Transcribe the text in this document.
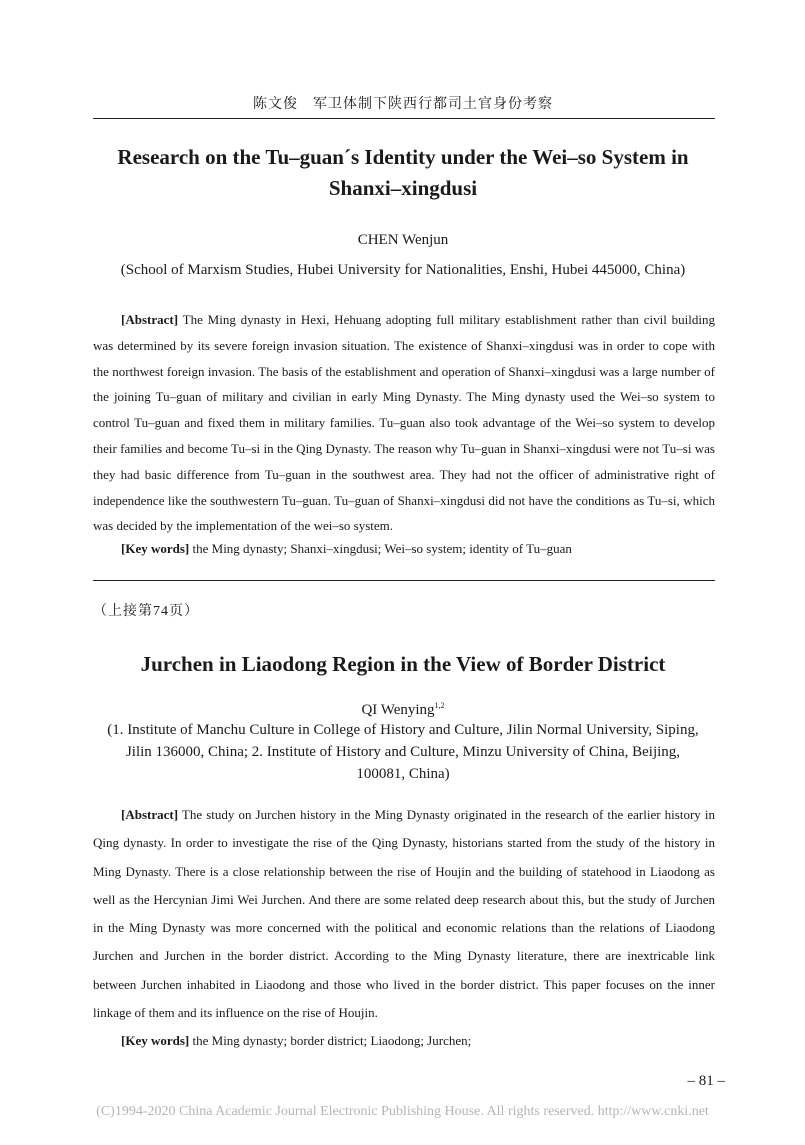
陈文俊　军卫体制下陕西行都司土官身份考察
Research on the Tu–guan´s Identity under the Wei–so System in
Shanxi–xingdusi
CHEN Wenjun
(School of Marxism Studies, Hubei University for Nationalities, Enshi, Hubei 445000, China)

[Abstract] The Ming dynasty in Hexi, Hehuang adopting full military establishment rather than civil building was determined by its severe foreign invasion situation. The existence of Shanxi–xingdusi was in order to cope with the northwest foreign invasion. The basis of the establishment and operation of Shanxi–xingdusi was a large number of the joining Tu–guan of military and civilian in early Ming Dynasty. The Ming dynasty used the Wei–so system to control Tu–guan and fixed them in military families. Tu–guan also took advantage of the Wei–so system to develop their families and become Tu–si in the Qing Dynasty. The reason why Tu–guan in Shanxi–xingdusi were not Tu–si was they had basic difference from Tu–guan in the southwest area. They had not the officer of administrative right of independence like the southwestern Tu–guan. Tu–guan of Shanxi–xingdusi did not have the conditions as Tu–si, which was decided by the implementation of the wei–so system.

[Key words] the Ming dynasty; Shanxi–xingdusi; Wei–so system; identity of Tu–guan

（上接第74页）
Jurchen in Liaodong Region in the View of Border District
QI Wenying$^{1,2}$
(1. Institute of Manchu Culture in College of History and Culture, Jilin Normal University, Siping,
Jilin 136000, China; 2. Institute of History and Culture, Minzu University of China, Beijing,
100081, China)

[Abstract] The study on Jurchen history in the Ming Dynasty originated in the research of the earlier history in Qing dynasty. In order to investigate the rise of the Qing Dynasty, historians started from the study of the history in Ming Dynasty. There is a close relationship between the rise of Houjin and the building of statehood in Liaodong as well as the Hercynian Jimi Wei Jurchen. And there are some related deep research about this, but the study of Jurchen in the Ming Dynasty was more concerned with the political and economic relations than the relations of Liaodong Jurchen and Jurchen in the border district. According to the Ming Dynasty literature, there are inextricable link between Jurchen inhabited in Liaodong and those who lived in the border district. This paper focuses on the inner linkage of them and its influence on the rise of Houjin.

[Key words] the Ming dynasty; border district; Liaodong; Jurchen;

– 81 –
(C)1994-2020 China Academic Journal Electronic Publishing House. All rights reserved. http://www.cnki.net
